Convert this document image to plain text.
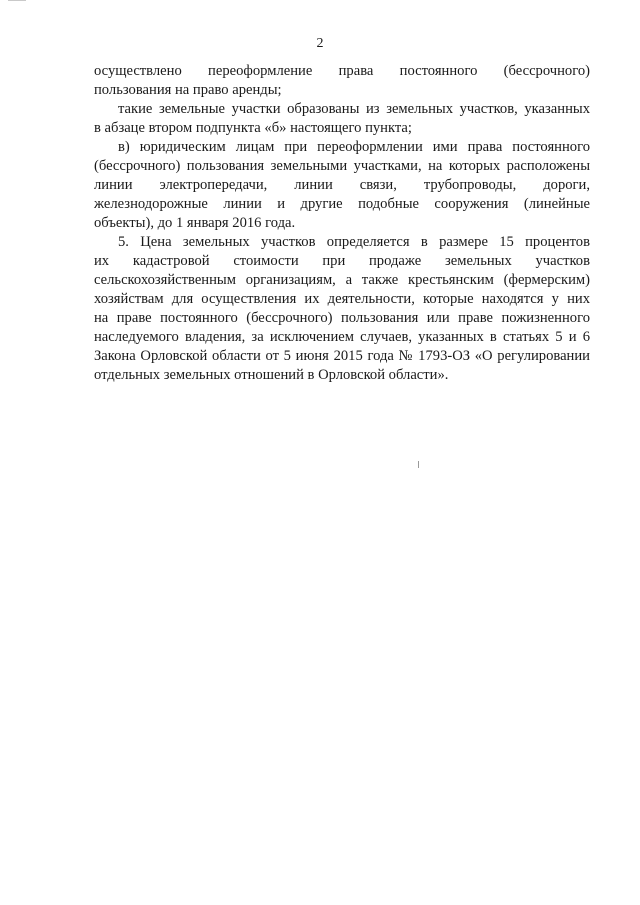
2

осуществлено переоформление права постоянного (бессрочного)
пользования на право аренды;

такие земельные участки образованы из земельных участков, указанных
в абзаце втором подпункта «б» настоящего пункта;

в) юридическим лицам при переоформлении ими права постоянного
(бессрочного) пользования земельными участками, на которых расположены
линии электропередачи, линии связи, трубопроводы, дороги,
железнодорожные линии и другие подобные сооружения (линейные
объекты), до 1 января 2016 года.

5. Цена земельных участков определяется в размере 15 процентов
их кадастровой стоимости при продаже земельных участков
сельскохозяйственным организациям, а также крестьянским (фермерским)
хозяйствам для осуществления их деятельности, которые находятся у них
на праве постоянного (бессрочного) пользования или праве пожизненного
наследуемого владения, за исключением случаев, указанных в статьях 5 и 6
Закона Орловской области от 5 июня 2015 года № 1793-ОЗ «О регулировании
отдельных земельных отношений в Орловской области».
